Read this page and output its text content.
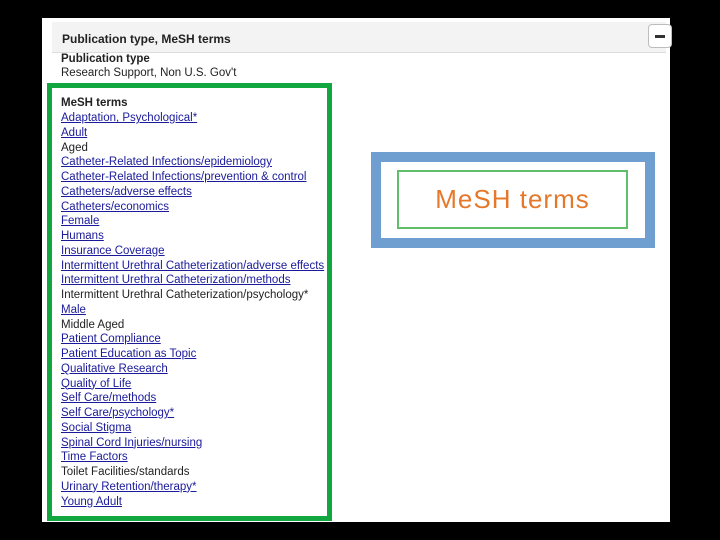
Publication type, MeSH terms
Publication type
Research Support, Non U.S. Gov't
MeSH terms
Adaptation, Psychological*
Adult
Aged
Catheter-Related Infections/epidemiology
Catheter-Related Infections/prevention & control
Catheters/adverse effects
Catheters/economics
Female
Humans
Insurance Coverage
Intermittent Urethral Catheterization/adverse effects
Intermittent Urethral Catheterization/methods
Intermittent Urethral Catheterization/psychology*
Male
Middle Aged
Patient Compliance
Patient Education as Topic
Qualitative Research
Quality of Life
Self Care/methods
Self Care/psychology*
Social Stigma
Spinal Cord Injuries/nursing
Time Factors
Toilet Facilities/standards
Urinary Retention/therapy*
Young Adult
MeSH terms
